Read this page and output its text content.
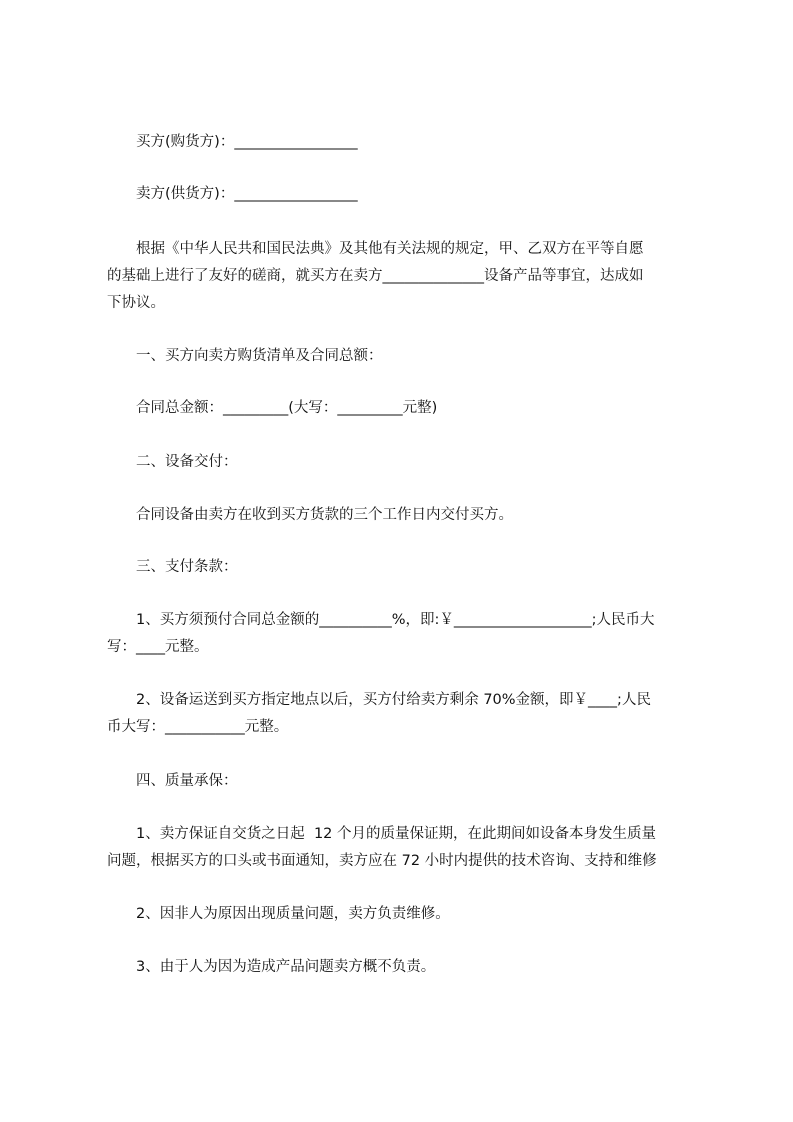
买方(购货方)：_________________

卖方(供货方)：_________________

根据《中华人民共和国民法典》及其他有关法规的规定，甲、乙双方在平等自愿

的基础上进行了友好的磋商，就买方在卖方______________设备产品等事宜，达成如

下协议。

一、买方向卖方购货清单及合同总额：

合同总金额：_________(大写：_________元整)

二、设备交付：

合同设备由卖方在收到买方货款的三个工作日内交付买方。

三、支付条款：

1、买方须预付合同总金额的__________%，即:￥___________________;人民币大

写：____元整。

2、设备运送到买方指定地点以后，买方付给卖方剩余 70%金额，即￥____;人民

币大写：___________元整。

四、质量承保：

1、卖方保证自交货之日起  12 个月的质量保证期，在此期间如设备本身发生质量

问题，根据买方的口头或书面通知，卖方应在 72 小时内提供的技术咨询、支持和维修

2、因非人为原因出现质量问题，卖方负责维修。

3、由于人为因为造成产品问题卖方概不负责。
